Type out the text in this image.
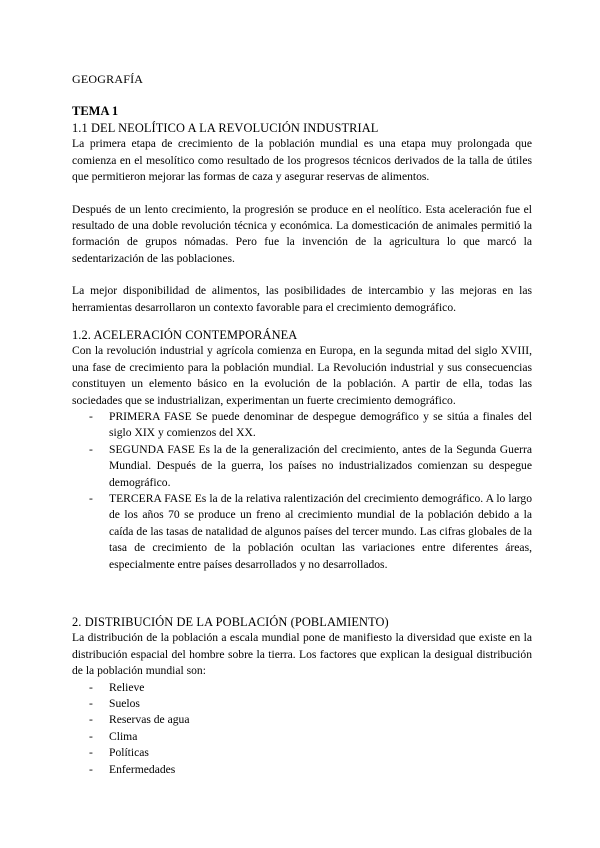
GEOGRAFÍA
TEMA 1
1.1 DEL NEOLÍTICO A LA REVOLUCIÓN INDUSTRIAL
La primera etapa de crecimiento de la población mundial es una etapa muy prolongada que comienza en el mesolítico como resultado de los progresos técnicos derivados de la talla de útiles que permitieron mejorar las formas de caza y asegurar reservas de alimentos.
Después de un lento crecimiento, la progresión se produce en el neolítico. Esta aceleración fue el resultado de una doble revolución técnica y económica. La domesticación de animales permitió la formación de grupos nómadas. Pero fue la invención de la agricultura lo que marcó la sedentarización de las poblaciones.
La mejor disponibilidad de alimentos, las posibilidades de intercambio y las mejoras en las herramientas desarrollaron un contexto favorable para el crecimiento demográfico.
1.2. ACELERACIÓN CONTEMPORÁNEA
Con la revolución industrial y agrícola comienza en Europa, en la segunda mitad del siglo XVIII, una fase de crecimiento para la población mundial. La Revolución industrial y sus consecuencias constituyen un elemento básico en la evolución de la población. A partir de ella, todas las sociedades que se industrializan, experimentan un fuerte crecimiento demográfico.
- PRIMERA FASE Se puede denominar de despegue demográfico y se sitúa a finales del siglo XIX y comienzos del XX.
- SEGUNDA FASE Es la de la generalización del crecimiento, antes de la Segunda Guerra Mundial. Después de la guerra, los países no industrializados comienzan su despegue demográfico.
- TERCERA FASE Es la de la relativa ralentización del crecimiento demográfico. A lo largo de los años 70 se produce un freno al crecimiento mundial de la población debido a la caída de las tasas de natalidad de algunos países del tercer mundo. Las cifras globales de la tasa de crecimiento de la población ocultan las variaciones entre diferentes áreas, especialmente entre países desarrollados y no desarrollados.
2. DISTRIBUCIÓN DE LA POBLACIÓN (POBLAMIENTO)
La distribución de la población a escala mundial pone de manifiesto la diversidad que existe en la distribución espacial del hombre sobre la tierra. Los factores que explican la desigual distribución de la población mundial son:
- Relieve
- Suelos
- Reservas de agua
- Clima
- Políticas
- Enfermedades
